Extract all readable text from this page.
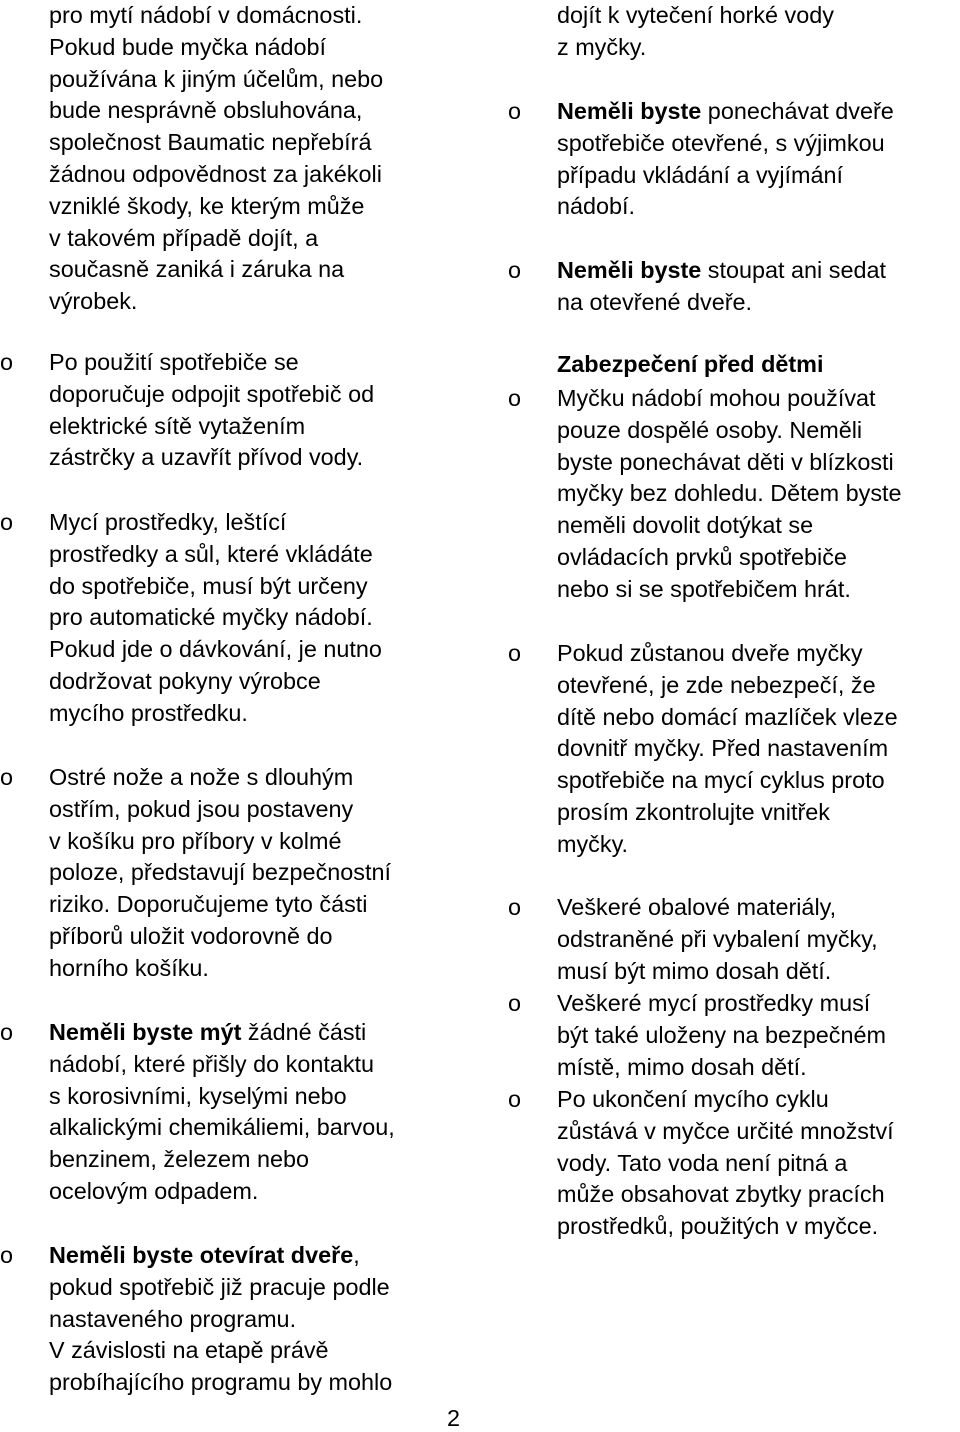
pro mytí nádobí v domácnosti.
Pokud bude myčka nádobí
používána k jiným účelům, nebo
bude nesprávně obsluhována,
společnost Baumatic nepřebírá
žádnou odpovědnost za jakékoli
vzniklé škody, ke kterým může
v takovém případě dojít, a
současně zaniká i záruka na
výrobek.
o Po použití spotřebiče se
doporučuje odpojit spotřebič od
elektrické sítě vytažením
zástrčky a uzavřít přívod vody.
o Mycí prostředky, leštící
prostředky a sůl, které vkládáte
do spotřebiče, musí být určeny
pro automatické myčky nádobí.
Pokud jde o dávkování, je nutno
dodržovat pokyny výrobce
mycího prostředku.
o Ostré nože a nože s dlouhým
ostřím, pokud jsou postaveny
v košíku pro příbory v kolmé
poloze, představují bezpečnostní
riziko. Doporučujeme tyto části
příborů uložit vodorovně do
horního košíku.
o Neměli byste mýt žádné části
nádobí, které přišly do kontaktu
s korosivními, kyselými nebo
alkalickými chemikáliemi, barvou,
benzinem, železem nebo
ocelovým odpadem.
o Neměli byste otevírat dveře,
pokud spotřebič již pracuje podle
nastaveného programu.
V závislosti na etapě právě
probíhajícího programu by mohlo
dojít k vytečení horké vody
z myčky.
o Neměli byste ponechávat dveře
spotřebiče otevřené, s výjimkou
případu vkládání a vyjímání
nádobí.
o Neměli byste stoupat ani sedat
na otevřené dveře.
Zabezpečení před dětmi
o Myčku nádobí mohou používat
pouze dospělé osoby. Neměli
byste ponechávat děti v blízkosti
myčky bez dohledu. Dětem byste
neměli dovolit dotýkat se
ovládacích prvků spotřebiče
nebo si se spotřebičem hrát.
o Pokud zůstanou dveře myčky
otevřené, je zde nebezpečí, že
dítě nebo domácí mazlíček vleze
dovnitř myčky. Před nastavením
spotřebiče na mycí cyklus proto
prosím zkontrolujte vnitřek
myčky.
o Veškeré obalové materiály,
odstraněné při vybalení myčky,
musí být mimo dosah dětí.
o Veškeré mycí prostředky musí
být také uloženy na bezpečném
místě, mimo dosah dětí.
o Po ukončení mycího cyklu
zůstává v myčce určité množství
vody. Tato voda není pitná a
může obsahovat zbytky pracích
prostředků, použitých v myčce.
2
